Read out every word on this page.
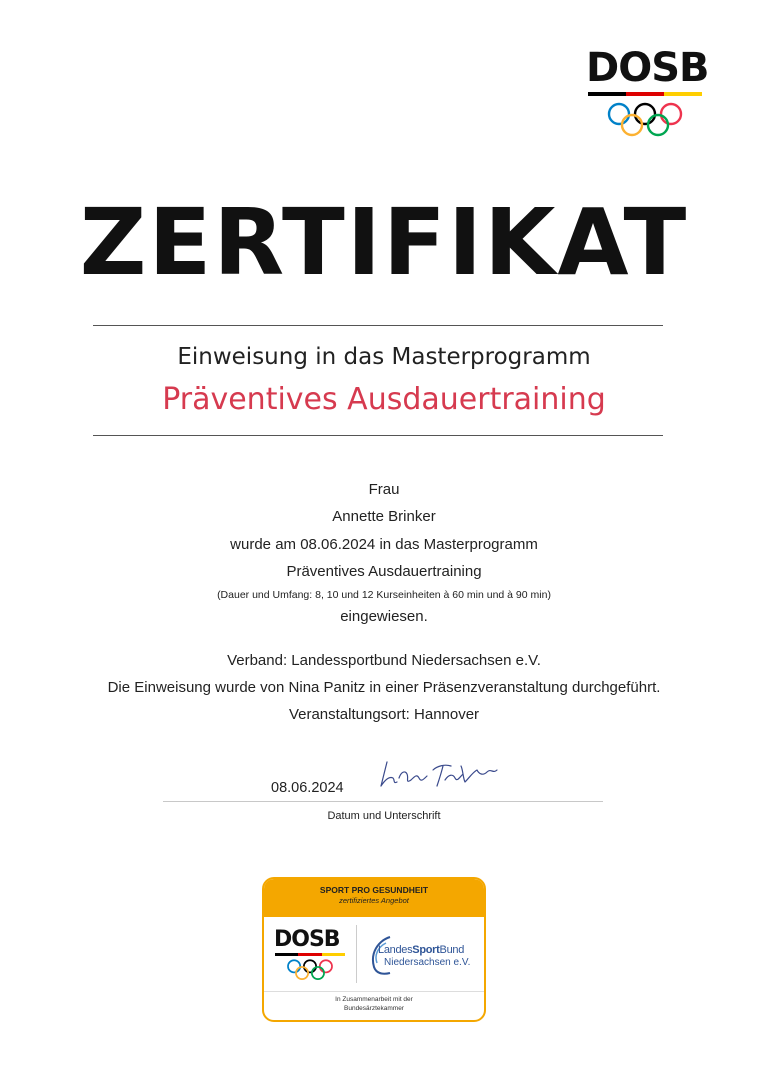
DOSB
ZERTIFIKAT
Einweisung in das Masterprogramm
Präventives Ausdauertraining
Frau
Annette Brinker
wurde am 08.06.2024 in das Masterprogramm
Präventives Ausdauertraining
(Dauer und Umfang: 8, 10 und 12 Kurseinheiten à 60 min und à 90 min)
eingewiesen.
Verband: Landessportbund Niedersachsen e.V.
Die Einweisung wurde von Nina Panitz in einer Präsenzveranstaltung durchgeführt.
Veranstaltungsort: Hannover
08.06.2024
Datum und Unterschrift
SPORT PRO GESUNDHEIT
zertifiziertes Angebot
DOSB	LandesSportBund
Niedersachsen e.V.
In Zusammenarbeit mit der
Bundesärztekammer
